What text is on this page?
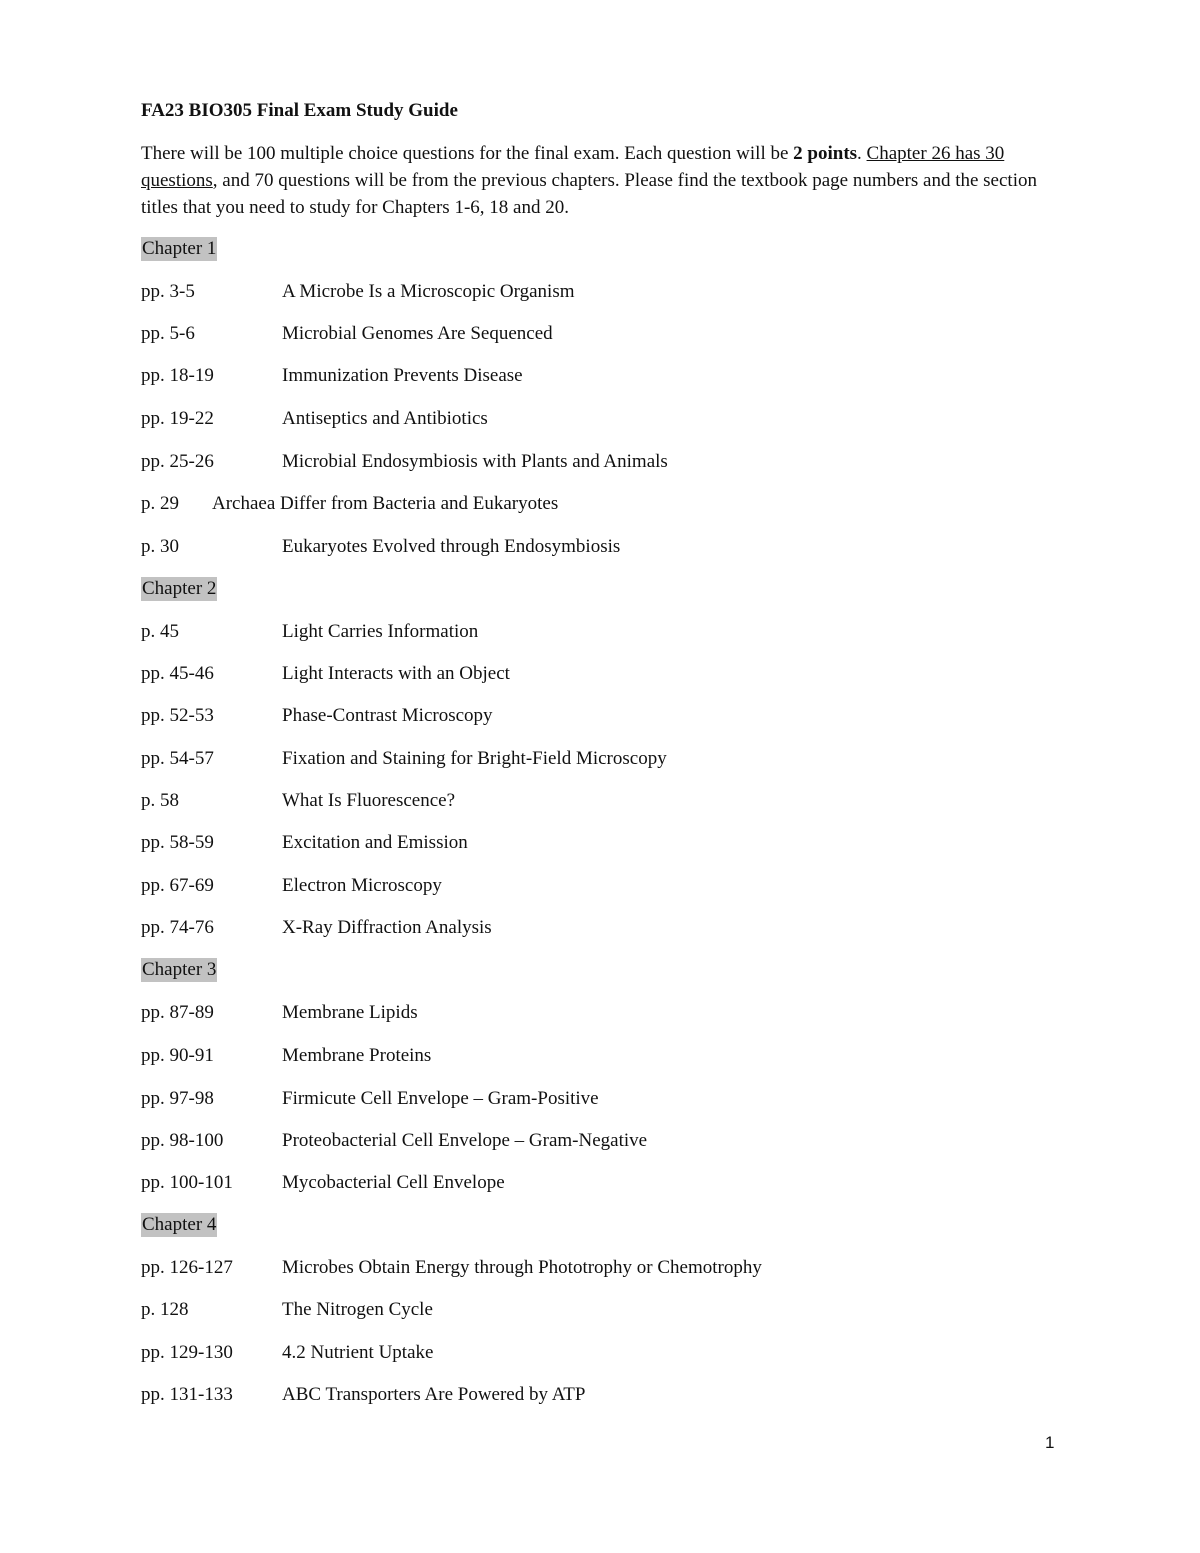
FA23 BIO305 Final Exam Study Guide
There will be 100 multiple choice questions for the final exam. Each question will be 2 points. Chapter 26 has 30 questions, and 70 questions will be from the previous chapters. Please find the textbook page numbers and the section titles that you need to study for Chapters 1-6, 18 and 20.
Chapter 1
pp. 3-5	A Microbe Is a Microscopic Organism
pp. 5-6	Microbial Genomes Are Sequenced
pp. 18-19	Immunization Prevents Disease
pp. 19-22	Antiseptics and Antibiotics
pp. 25-26	Microbial Endosymbiosis with Plants and Animals
p. 29 Archaea Differ from Bacteria and Eukaryotes
p. 30	Eukaryotes Evolved through Endosymbiosis
Chapter 2
p. 45	Light Carries Information
pp. 45-46	Light Interacts with an Object
pp. 52-53	Phase-Contrast Microscopy
pp. 54-57	Fixation and Staining for Bright-Field Microscopy
p. 58	What Is Fluorescence?
pp. 58-59	Excitation and Emission
pp. 67-69	Electron Microscopy
pp. 74-76	X-Ray Diffraction Analysis
Chapter 3
pp. 87-89	Membrane Lipids
pp. 90-91	Membrane Proteins
pp. 97-98	Firmicute Cell Envelope – Gram-Positive
pp. 98-100	Proteobacterial Cell Envelope – Gram-Negative
pp. 100-101	Mycobacterial Cell Envelope
Chapter 4
pp. 126-127	Microbes Obtain Energy through Phototrophy or Chemotrophy
p. 128	The Nitrogen Cycle
pp. 129-130	4.2 Nutrient Uptake
pp. 131-133	ABC Transporters Are Powered by ATP
1
